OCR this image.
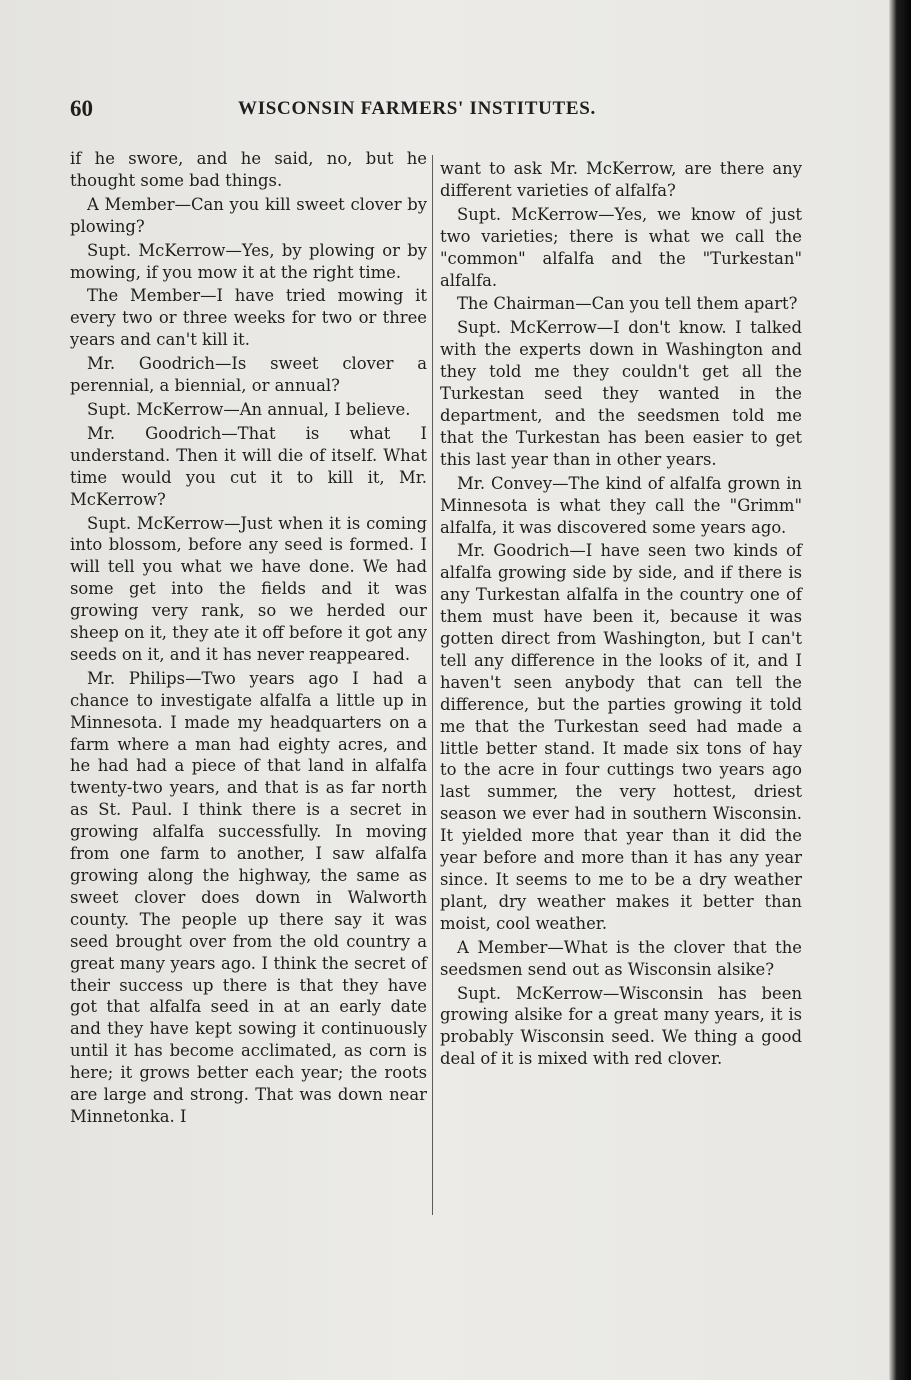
60	WISCONSIN FARMERS' INSTITUTES.

if he swore, and he said, no, but he thought some bad things.

A Member—Can you kill sweet clover by plowing?

Supt. McKerrow—Yes, by plowing or by mowing, if you mow it at the right time.

The Member—I have tried mowing it every two or three weeks for two or three years and can't kill it.

Mr. Goodrich—Is sweet clover a perennial, a biennial, or annual?

Supt. McKerrow—An annual, I believe.

Mr. Goodrich—That is what I understand. Then it will die of itself. What time would you cut it to kill it, Mr. McKerrow?

Supt. McKerrow—Just when it is coming into blossom, before any seed is formed. I will tell you what we have done. We had some get into the fields and it was growing very rank, so we herded our sheep on it, they ate it off before it got any seeds on it, and it has never reappeared.

Mr. Philips—Two years ago I had a chance to investigate alfalfa a little up in Minnesota. I made my headquarters on a farm where a man had eighty acres, and he had had a piece of that land in alfalfa twenty-two years, and that is as far north as St. Paul. I think there is a secret in growing alfalfa successfully. In moving from one farm to another, I saw alfalfa growing along the highway, the same as sweet clover does down in Walworth county. The people up there say it was seed brought over from the old country a great many years ago. I think the secret of their success up there is that they have got that alfalfa seed in at an early date and they have kept sowing it continuously until it has become acclimated, as corn is here; it grows better each year; the roots are large and strong. That was down near Minnetonka. I

want to ask Mr. McKerrow, are there any different varieties of alfalfa?

Supt. McKerrow—Yes, we know of just two varieties; there is what we call the "common" alfalfa and the "Turkestan" alfalfa.

The Chairman—Can you tell them apart?

Supt. McKerrow—I don't know. I talked with the experts down in Washington and they told me they couldn't get all the Turkestan seed they wanted in the department, and the seedsmen told me that the Turkestan has been easier to get this last year than in other years.

Mr. Convey—The kind of alfalfa grown in Minnesota is what they call the "Grimm" alfalfa, it was discovered some years ago.

Mr. Goodrich—I have seen two kinds of alfalfa growing side by side, and if there is any Turkestan alfalfa in the country one of them must have been it, because it was gotten direct from Washington, but I can't tell any difference in the looks of it, and I haven't seen anybody that can tell the difference, but the parties growing it told me that the Turkestan seed had made a little better stand. It made six tons of hay to the acre in four cuttings two years ago last summer, the very hottest, driest season we ever had in southern Wisconsin. It yielded more that year than it did the year before and more than it has any year since. It seems to me to be a dry weather plant, dry weather makes it better than moist, cool weather.

A Member—What is the clover that the seedsmen send out as Wisconsin alsike?

Supt. McKerrow—Wisconsin has been growing alsike for a great many years, it is probably Wisconsin seed. We thing a good deal of it is mixed with red clover.
